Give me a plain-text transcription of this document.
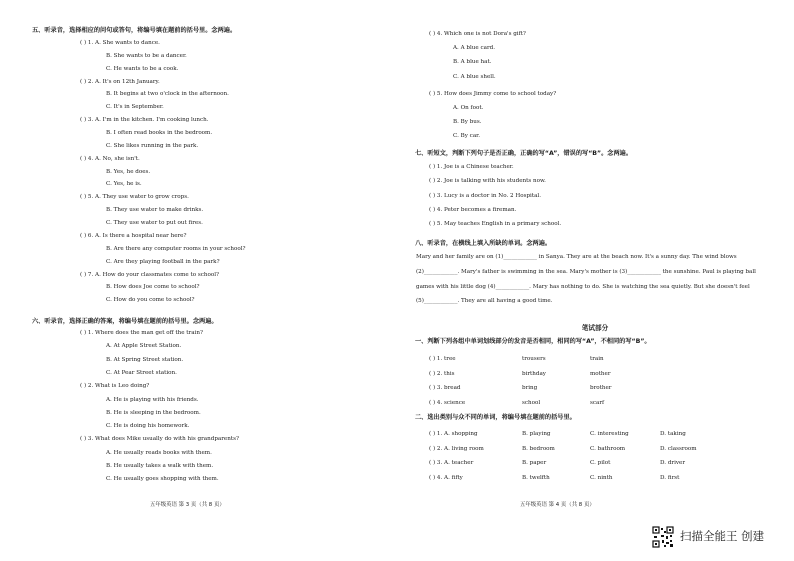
五、听录音，选择相应的问句或答句，将编号填在题前的括号里。念两遍。
( ) 1. A. She wants to dance.
B. She wants to be a dancer.
C. He wants to be a cook.
( ) 2. A. It's on 12th January.
B. It begins at two o'clock in the afternoon.
C. It's in September.
( ) 3. A. I'm in the kitchen. I'm cooking lunch.
B. I often read books in the bedroom.
C. She likes running in the park.
( ) 4. A. No, she isn't.
B. Yes, he does.
C. Yes, he is.
( ) 5. A. They use water to grow crops.
B. They use water to make drinks.
C. They use water to put out fires.
( ) 6. A. Is there a hospital near here?
B. Are there any computer rooms in your school?
C. Are they playing football in the park?
( ) 7. A. How do your classmates come to school?
B. How does Joe come to school?
C. How do you come to school?
六、听录音，选择正确的答案，将编号填在题前的括号里。念两遍。
( ) 1. Where does the man get off the train?
A. At Apple Street Station.
B. At Spring Street station.
C. At Pear Street station.
( ) 2. What is Leo doing?
A. He is playing with his friends.
B. He is sleeping in the bedroom.
C. He is doing his homework.
( ) 3. What does Mike usually do with his grandparents?
A. He usually reads books with them.
B. He usually takes a walk with them.
C. He usually goes shopping with them.
五年级英语 第 3 页（共 8 页）
( ) 4. Which one is not Dora's gift?
A. A blue card.
B. A blue hat.
C. A blue shell.
( ) 5. How does Jimmy come to school today?
A. On foot.
B. By bus.
C. By car.
七、听短文，判断下列句子是否正确，正确的写“A”，错误的写“B”。念两遍。
( ) 1. Joe is a Chinese teacher.
( ) 2. Joe is talking with his students now.
( ) 3. Lucy is a doctor in No. 2 Hospital.
( ) 4. Peter becomes a fireman.
( ) 5. May teaches English in a primary school.
八、听录音，在横线上填入所缺的单词。念两遍。
Mary and her family are on (1)____________ in Sanya. They are at the beach now. It's a sunny day. The wind blows (2)____________. Mary's father is swimming in the sea. Mary's mother is (3)____________ the sunshine. Paul is playing ball games with his little dog (4)____________. Mary has nothing to do. She is watching the sea quietly. But she doesn't feel (5)____________. They are all having a good time.
笔试部分
一、判断下列各组中单词划线部分的发音是否相同，相同的写“A”，不相同的写“B”。
( ) 1. tree	trousers	train
( ) 2. this	birthday	mother
( ) 3. bread	bring	brother
( ) 4. science	school	scarf
二、选出类别与众不同的单词，将编号填在题前的括号里。
( ) 1. A. shopping	B. playing	C. interesting	D. taking
( ) 2. A. living room	B. bedroom	C. bathroom	D. classroom
( ) 3. A. teacher	B. paper	C. pilot	D. driver
( ) 4. A. fifty	B. twelfth	C. ninth	D. first
五年级英语 第 4 页（共 8 页）
扫描全能王 创建
